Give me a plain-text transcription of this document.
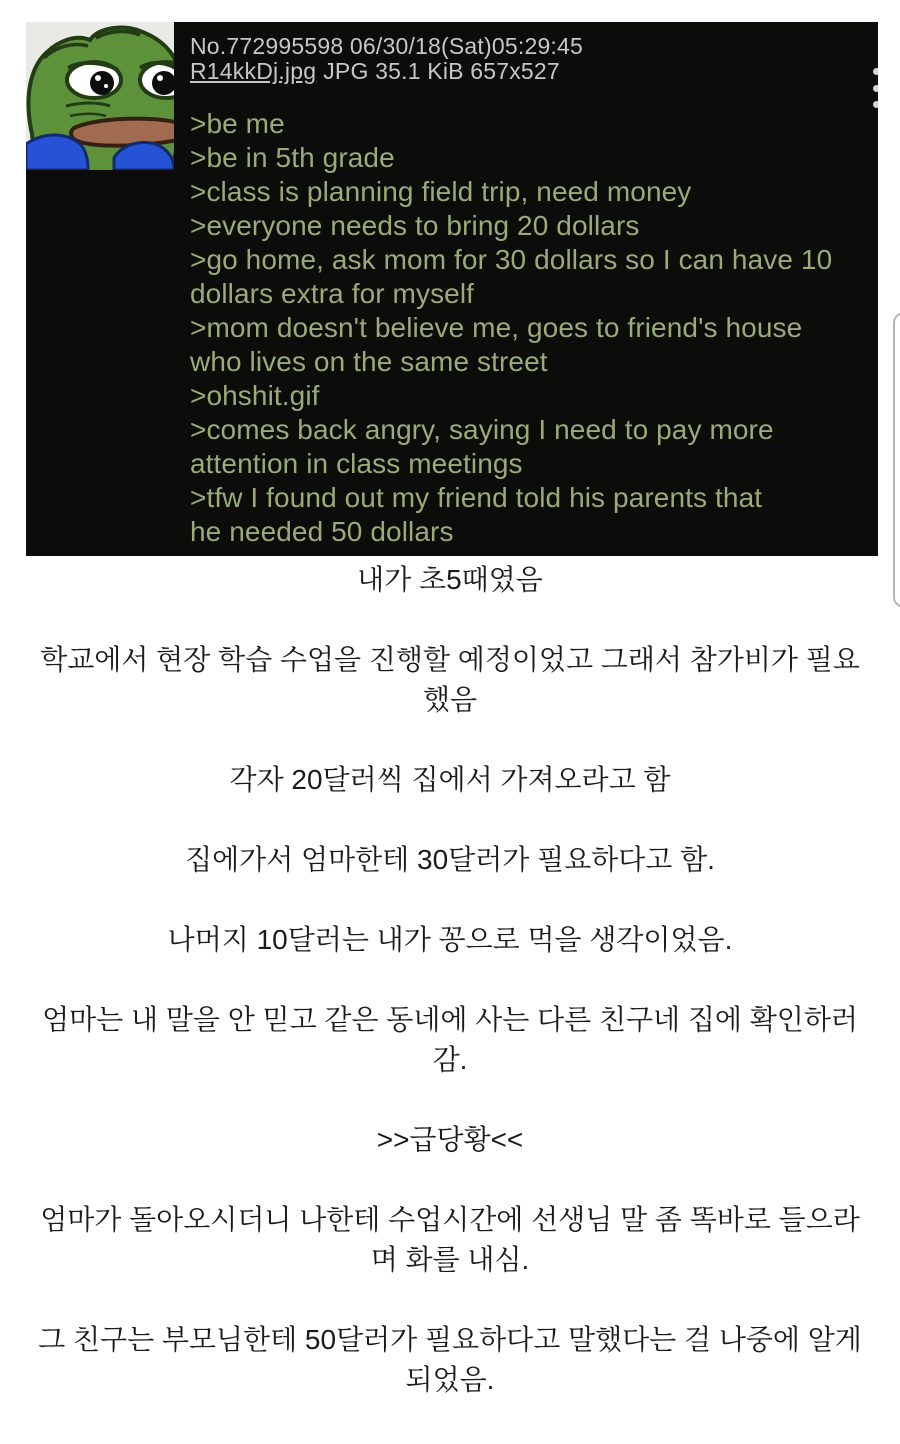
No.772995598 06/30/18(Sat)05:29:45
R14kkDj.jpg JPG 35.1 KiB 657x527
>be me
>be in 5th grade
>class is planning field trip, need money
>everyone needs to bring 20 dollars
>go home, ask mom for 30 dollars so I can have 10
dollars extra for myself
>mom doesn't believe me, goes to friend's house
who lives on the same street
>ohshit.gif
>comes back angry, saying I need to pay more
attention in class meetings
>tfw I found out my friend told his parents that
he needed 50 dollars
내가 초5때였음
학교에서 현장 학습 수업을 진행할 예정이었고 그래서 참가비가 필요
했음
각자 20달러씩 집에서 가져오라고 함
집에가서 엄마한테 30달러가 필요하다고 함.
나머지 10달러는 내가 꽁으로 먹을 생각이었음.
엄마는 내 말을 안 믿고 같은 동네에 사는 다른 친구네 집에 확인하러
감.
>>급당황<<
엄마가 돌아오시더니 나한테 수업시간에 선생님 말 좀 똑바로 들으라
며 화를 내심.
그 친구는 부모님한테 50달러가 필요하다고 말했다는 걸 나중에 알게
되었음.
